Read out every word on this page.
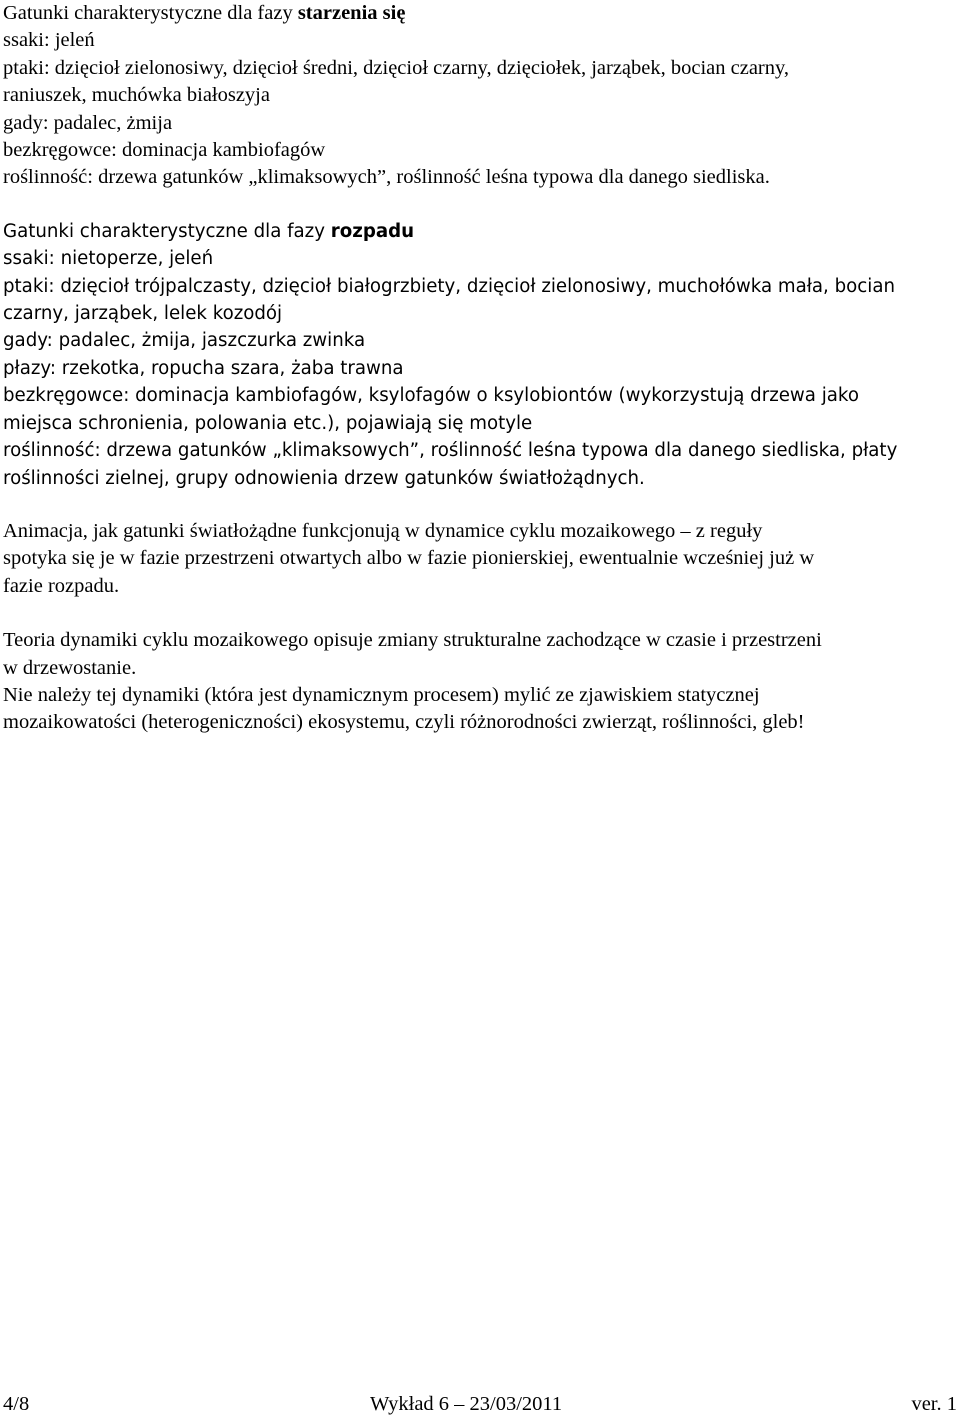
Gatunki charakterystyczne dla fazy starzenia się
ssaki: jeleń
ptaki: dzięcioł zielonosiwy, dzięcioł średni, dzięcioł czarny, dzięciołek, jarząbek, bocian czarny,
raniuszek, muchówka białoszyja
gady: padalec, żmija
bezkręgowce: dominacja kambiofagów
roślinność: drzewa gatunków „klimaksowych”, roślinność leśna typowa dla danego siedliska.
Gatunki charakterystyczne dla fazy rozpadu
ssaki: nietoperze, jeleń
ptaki: dzięcioł trójpalczasty, dzięcioł białogrzbiety, dzięcioł zielonosiwy, muchołówka mała, bocian
czarny, jarząbek, lelek kozodój
gady: padalec, żmija, jaszczurka zwinka
płazy: rzekotka, ropucha szara, żaba trawna
bezkręgowce: dominacja kambiofagów, ksylofagów o ksylobiontów (wykorzystują drzewa jako
miejsca schronienia, polowania etc.), pojawiają się motyle
roślinność: drzewa gatunków „klimaksowych”, roślinność leśna typowa dla danego siedliska, płaty
roślinności zielnej, grupy odnowienia drzew gatunków światłożądnych.
Animacja, jak gatunki światłożądne funkcjonują w dynamice cyklu mozaikowego – z reguły
spotyka się je w fazie przestrzeni otwartych albo w fazie pionierskiej, ewentualnie wcześniej już w
fazie rozpadu.
Teoria dynamiki cyklu mozaikowego opisuje zmiany strukturalne zachodzące w czasie i przestrzeni
w drzewostanie.
Nie należy tej dynamiki (która jest dynamicznym procesem) mylić ze zjawiskiem statycznej
mozaikowatości (heterogeniczności) ekosystemu, czyli różnorodności zwierząt, roślinności, gleb!
4/8	Wykład 6 – 23/03/2011	ver. 1
